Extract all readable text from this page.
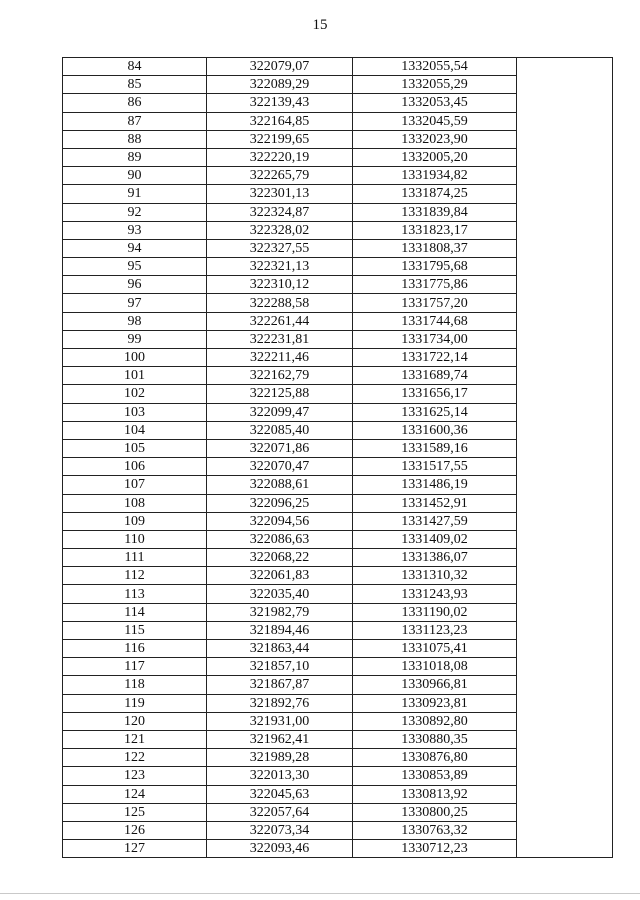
15
84	322079,07	1332055,54	
85	322089,29	1332055,29	
86	322139,43	1332053,45	
87	322164,85	1332045,59	
88	322199,65	1332023,90	
89	322220,19	1332005,20	
90	322265,79	1331934,82	
91	322301,13	1331874,25	
92	322324,87	1331839,84	
93	322328,02	1331823,17	
94	322327,55	1331808,37	
95	322321,13	1331795,68	
96	322310,12	1331775,86	
97	322288,58	1331757,20	
98	322261,44	1331744,68	
99	322231,81	1331734,00	
100	322211,46	1331722,14	
101	322162,79	1331689,74	
102	322125,88	1331656,17	
103	322099,47	1331625,14	
104	322085,40	1331600,36	
105	322071,86	1331589,16	
106	322070,47	1331517,55	
107	322088,61	1331486,19	
108	322096,25	1331452,91	
109	322094,56	1331427,59	
110	322086,63	1331409,02	
111	322068,22	1331386,07	
112	322061,83	1331310,32	
113	322035,40	1331243,93	
114	321982,79	1331190,02	
115	321894,46	1331123,23	
116	321863,44	1331075,41	
117	321857,10	1331018,08	
118	321867,87	1330966,81	
119	321892,76	1330923,81	
120	321931,00	1330892,80	
121	321962,41	1330880,35	
122	321989,28	1330876,80	
123	322013,30	1330853,89	
124	322045,63	1330813,92	
125	322057,64	1330800,25	
126	322073,34	1330763,32	
127	322093,46	1330712,23	
